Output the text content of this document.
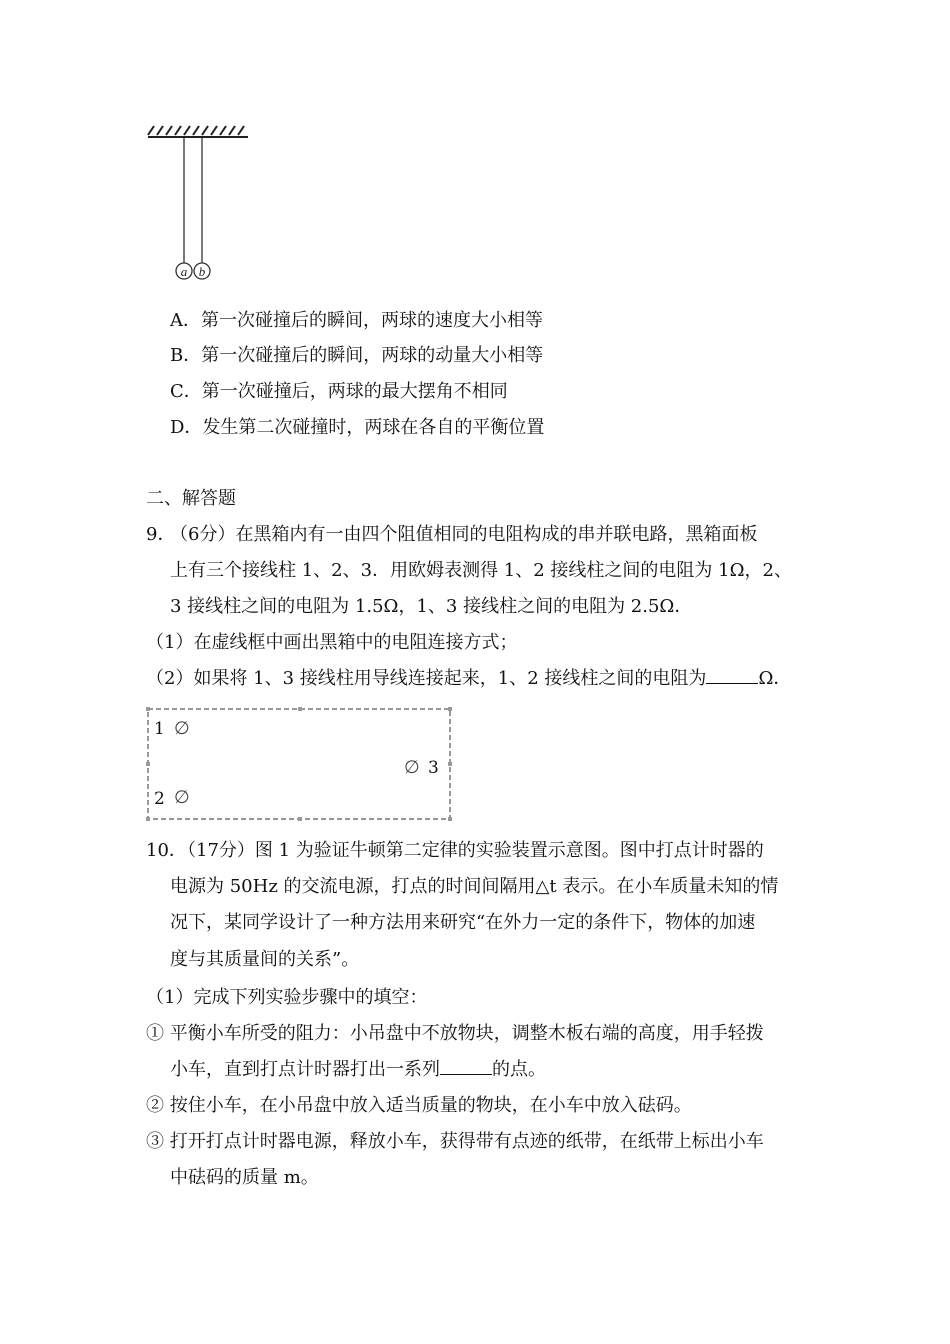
a b
A．第一次碰撞后的瞬间，两球的速度大小相等
B．第一次碰撞后的瞬间，两球的动量大小相等
C．第一次碰撞后，两球的最大摆角不相同
D．发生第二次碰撞时，两球在各自的平衡位置
二、解答题
9．
（6分）在黑箱内有一由四个阻值相同的电阻构成的串并联电路，黑箱面板
上有三个接线柱 1、2、3．用欧姆表测得 1、2 接线柱之间的电阻为 1Ω，2、
3 接线柱之间的电阻为 1.5Ω，1、3 接线柱之间的电阻为 2.5Ω．
（1）在虚线框中画出黑箱中的电阻连接方式；
（2）如果将 1、3 接线柱用导线连接起来，1、2 接线柱之间的电阻为	Ω．
1 ∅
∅ 3
2 ∅
10．
（17分）图 1 为验证牛顿第二定律的实验装置示意图。图中打点计时器的
电源为 50Hz 的交流电源，打点的时间间隔用△t 表示。在小车质量未知的情
况下，某同学设计了一种方法用来研究“在外力一定的条件下，物体的加速
度与其质量间的关系”。
（1）完成下列实验步骤中的填空：
① 平衡小车所受的阻力：小吊盘中不放物块，调整木板右端的高度，用手轻拨
小车，直到打点计时器打出一系列	的点。
② 按住小车，在小吊盘中放入适当质量的物块，在小车中放入砝码。
③ 打开打点计时器电源，释放小车，获得带有点迹的纸带，在纸带上标出小车
中砝码的质量 m。
